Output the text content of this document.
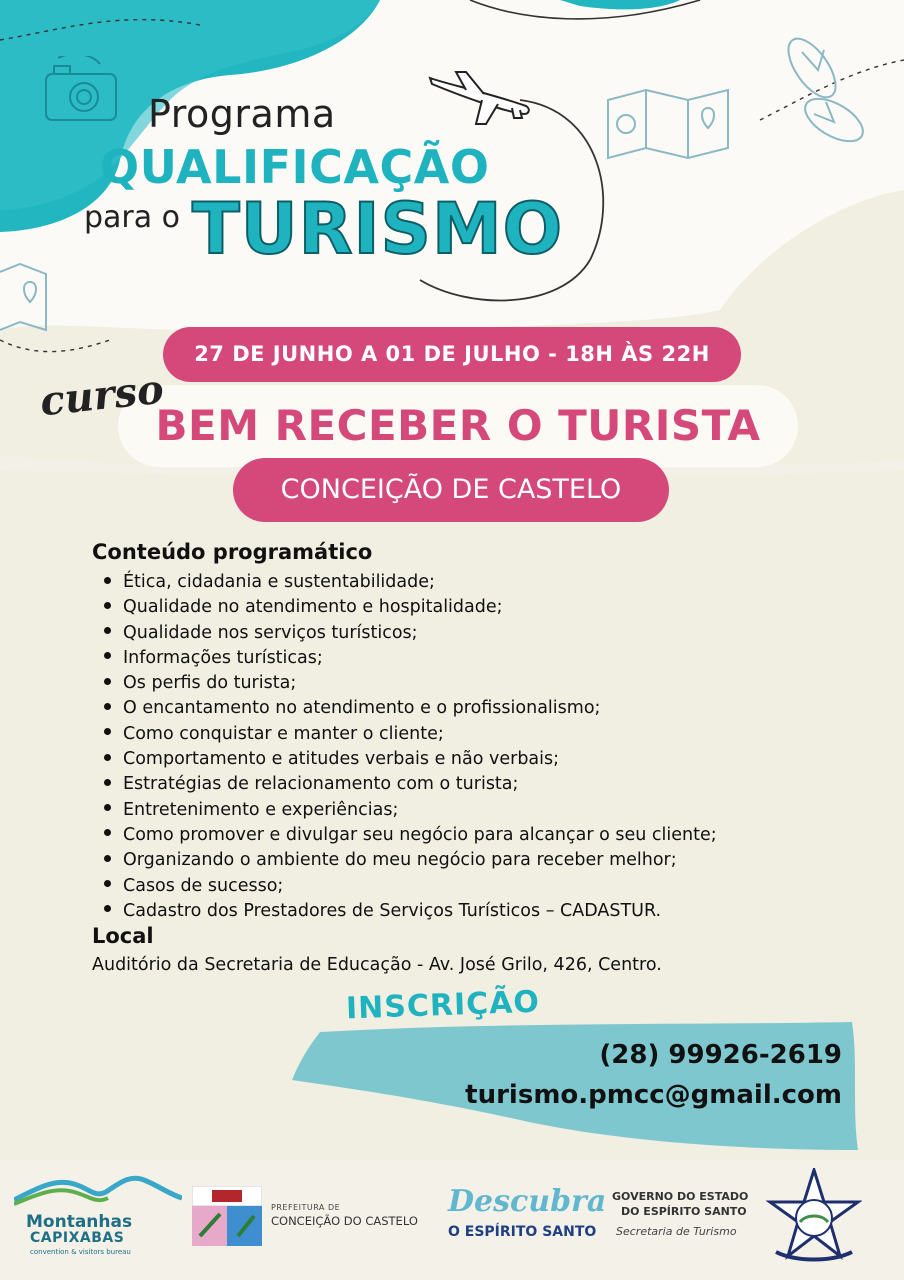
Programa
QUALIFICAÇÃO
para o TURISMO
27 DE JUNHO A 01 DE JULHO - 18H ÀS 22H
BEM RECEBER O TURISTA
curso
CONCEIÇÃO DE CASTELO
Conteúdo programático
Ética, cidadania e sustentabilidade;
Qualidade no atendimento e hospitalidade;
Qualidade nos serviços turísticos;
Informações turísticas;
Os perfis do turista;
O encantamento no atendimento e o profissionalismo;
Como conquistar e manter o cliente;
Comportamento e atitudes verbais e não verbais;
Estratégias de relacionamento com o turista;
Entretenimento e experiências;
Como promover e divulgar seu negócio para alcançar o seu cliente;
Organizando o ambiente do meu negócio para receber melhor;
Casos de sucesso;
Cadastro dos Prestadores de Serviços Turísticos – CADASTUR.
Local
Auditório da Secretaria de Educação - Av. José Grilo, 426, Centro.
INSCRIÇÃO
(28) 99926-2619
turismo.pmcc@gmail.com
Montanhas
CAPIXABAS
convention & visitors bureau
PREFEITURA DE
CONCEIÇÃO DO CASTELO
Descubra
O ESPÍRITO SANTO
GOVERNO DO ESTADO
DO ESPÍRITO SANTO
Secretaria de Turismo
